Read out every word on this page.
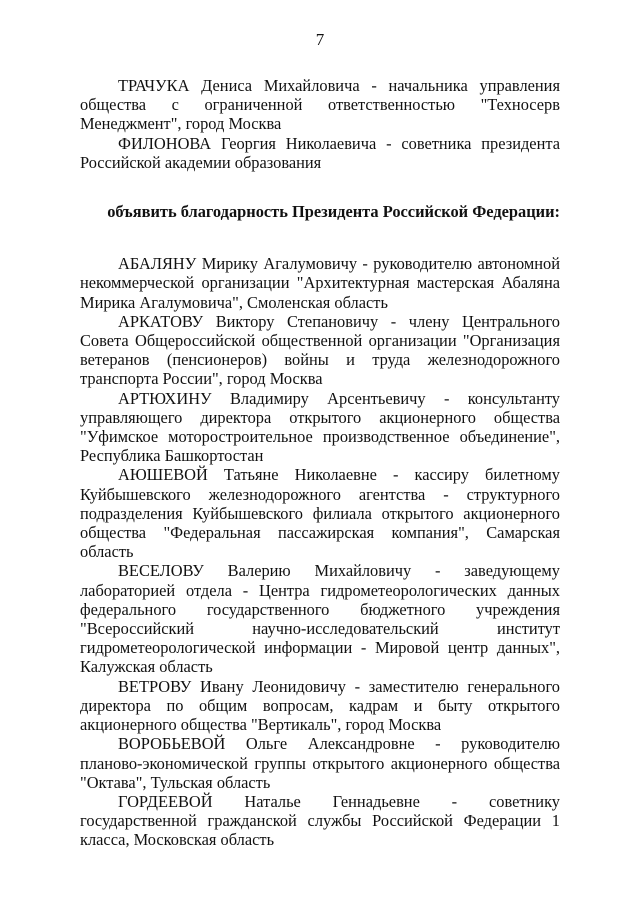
7

ТРАЧУКА Дениса Михайловича - начальника управления общества с ограниченной ответственностью "Техносерв Менеджмент", город Москва

ФИЛОНОВА Георгия Николаевича - советника президента Российской академии образования

объявить благодарность Президента Российской Федерации:

АБАЛЯНУ Мирику Агалумовичу - руководителю автономной некоммерческой организации "Архитектурная мастерская Абаляна Мирика Агалумовича", Смоленская область

АРКАТОВУ Виктору Степановичу - члену Центрального Совета Общероссийской общественной организации "Организация ветеранов (пенсионеров) войны и труда железнодорожного транспорта России", город Москва

АРТЮХИНУ Владимиру Арсентьевичу - консультанту управляющего директора открытого акционерного общества "Уфимское моторостроительное производственное объединение", Республика Башкортостан

АЮШЕВОЙ Татьяне Николаевне - кассиру билетному Куйбышевского железнодорожного агентства - структурного подразделения Куйбышевского филиала открытого акционерного общества "Федеральная пассажирская компания", Самарская область

ВЕСЕЛОВУ Валерию Михайловичу - заведующему лабораторией отдела - Центра гидрометеорологических данных федерального государственного бюджетного учреждения "Всероссийский научно-исследовательский институт гидрометеорологической информации - Мировой центр данных", Калужская область

ВЕТРОВУ Ивану Леонидовичу - заместителю генерального директора по общим вопросам, кадрам и быту открытого акционерного общества "Вертикаль", город Москва

ВОРОБЬЕВОЙ Ольге Александровне - руководителю планово-экономической группы открытого акционерного общества "Октава", Тульская область

ГОРДЕЕВОЙ Наталье Геннадьевне - советнику государственной гражданской службы Российской Федерации 1 класса, Московская область
